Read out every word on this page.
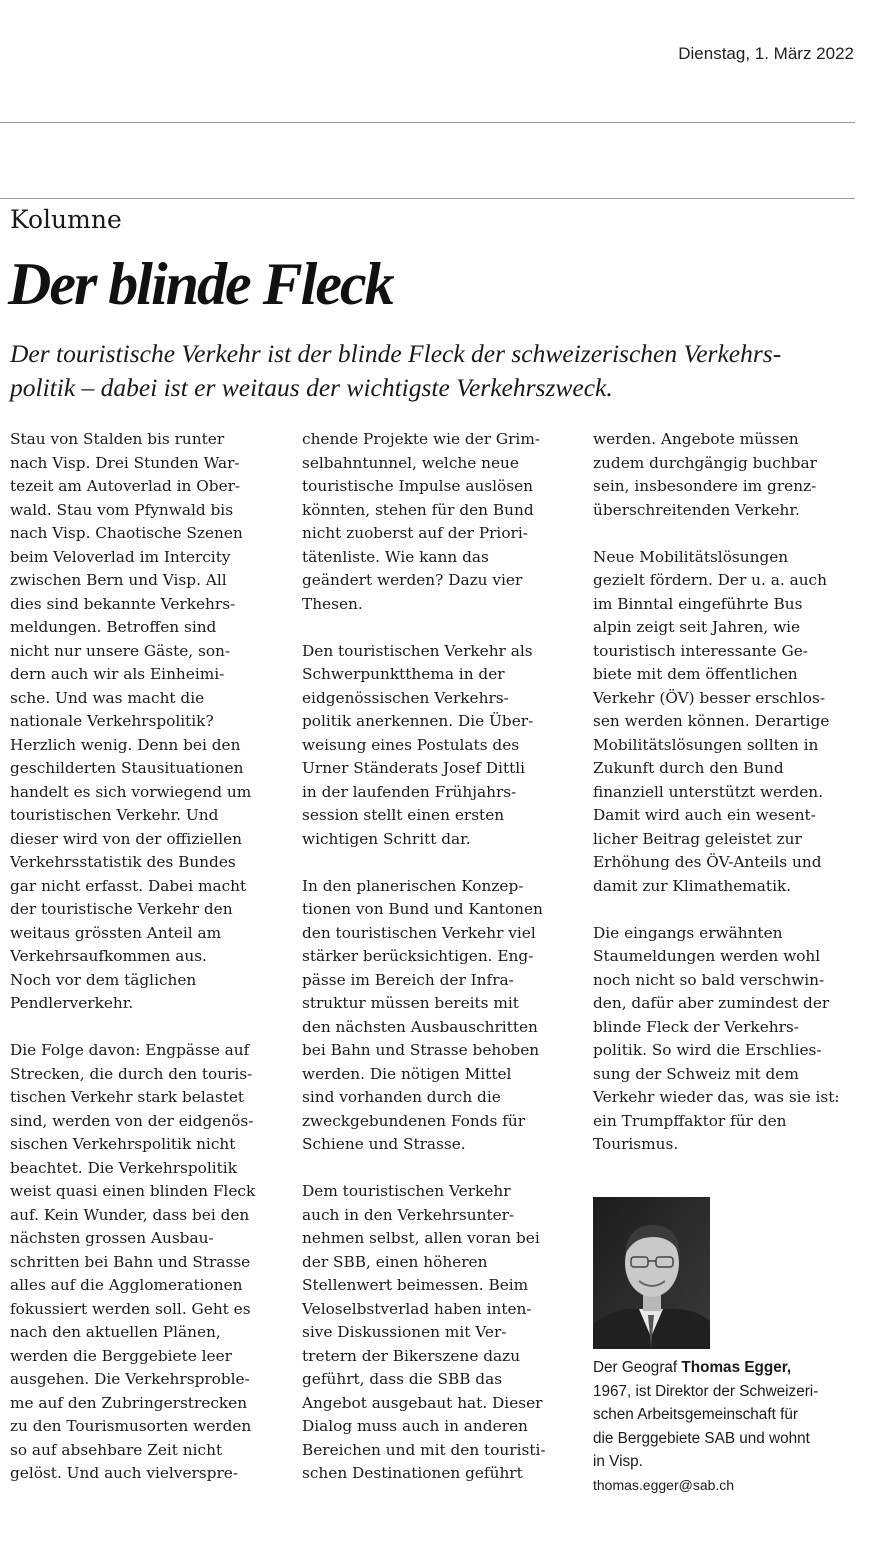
Dienstag, 1. März 2022
Kolumne
Der blinde Fleck

Der touristische Verkehr ist der blinde Fleck der schweizerischen Verkehrs-
politik – dabei ist er weitaus der wichtigste Verkehrszweck.

Stau von Stalden bis runter
nach Visp. Drei Stunden War-
tezeit am Autoverlad in Ober-
wald. Stau vom Pfynwald bis
nach Visp. Chaotische Szenen
beim Veloverlad im Intercity
zwischen Bern und Visp. All
dies sind bekannte Verkehrs-
meldungen. Betroffen sind
nicht nur unsere Gäste, son-
dern auch wir als Einheimi-
sche. Und was macht die
nationale Verkehrspolitik?
Herzlich wenig. Denn bei den
geschilderten Stausituationen
handelt es sich vorwiegend um
touristischen Verkehr. Und
dieser wird von der offiziellen
Verkehrsstatistik des Bundes
gar nicht erfasst. Dabei macht
der touristische Verkehr den
weitaus grössten Anteil am
Verkehrsaufkommen aus.
Noch vor dem täglichen
Pendlerverkehr.

Die Folge davon: Engpässe auf
Strecken, die durch den touris-
tischen Verkehr stark belastet
sind, werden von der eidgenös-
sischen Verkehrspolitik nicht
beachtet. Die Verkehrspolitik
weist quasi einen blinden Fleck
auf. Kein Wunder, dass bei den
nächsten grossen Ausbau-
schritten bei Bahn und Strasse
alles auf die Agglomerationen
fokussiert werden soll. Geht es
nach den aktuellen Plänen,
werden die Berggebiete leer
ausgehen. Die Verkehrsproble-
me auf den Zubringerstrecken
zu den Tourismusorten werden
so auf absehbare Zeit nicht
gelöst. Und auch vielverspre-

chende Projekte wie der Grim-
selbahntunnel, welche neue
touristische Impulse auslösen
könnten, stehen für den Bund
nicht zuoberst auf der Priori-
tätenliste. Wie kann das
geändert werden? Dazu vier
Thesen.

Den touristischen Verkehr als
Schwerpunktthema in der
eidgenössischen Verkehrs-
politik anerkennen. Die Über-
weisung eines Postulats des
Urner Ständerats Josef Dittli
in der laufenden Frühjahrs-
session stellt einen ersten
wichtigen Schritt dar.

In den planerischen Konzep-
tionen von Bund und Kantonen
den touristischen Verkehr viel
stärker berücksichtigen. Eng-
pässe im Bereich der Infra-
struktur müssen bereits mit
den nächsten Ausbauschritten
bei Bahn und Strasse behoben
werden. Die nötigen Mittel
sind vorhanden durch die
zweckgebundenen Fonds für
Schiene und Strasse.

Dem touristischen Verkehr
auch in den Verkehrsunter-
nehmen selbst, allen voran bei
der SBB, einen höheren
Stellenwert beimessen. Beim
Veloselbstverlad haben inten-
sive Diskussionen mit Ver-
tretern der Bikerszene dazu
geführt, dass die SBB das
Angebot ausgebaut hat. Dieser
Dialog muss auch in anderen
Bereichen und mit den touristi-
schen Destinationen geführt

werden. Angebote müssen
zudem durchgängig buchbar
sein, insbesondere im grenz-
überschreitenden Verkehr.

Neue Mobilitätslösungen
gezielt fördern. Der u. a. auch
im Binntal eingeführte Bus
alpin zeigt seit Jahren, wie
touristisch interessante Ge-
biete mit dem öffentlichen
Verkehr (ÖV) besser erschlos-
sen werden können. Derartige
Mobilitätslösungen sollten in
Zukunft durch den Bund
finanziell unterstützt werden.
Damit wird auch ein wesent-
licher Beitrag geleistet zur
Erhöhung des ÖV-Anteils und
damit zur Klimathematik.

Die eingangs erwähnten
Staumeldungen werden wohl
noch nicht so bald verschwin-
den, dafür aber zumindest der
blinde Fleck der Verkehrs-
politik. So wird die Erschlies-
sung der Schweiz mit dem
Verkehr wieder das, was sie ist:
ein Trumpffaktor für den
Tourismus.

Der Geograf Thomas Egger,
1967, ist Direktor der Schweizeri-
schen Arbeitsgemeinschaft für
die Berggebiete SAB und wohnt
in Visp.
thomas.egger@sab.ch
